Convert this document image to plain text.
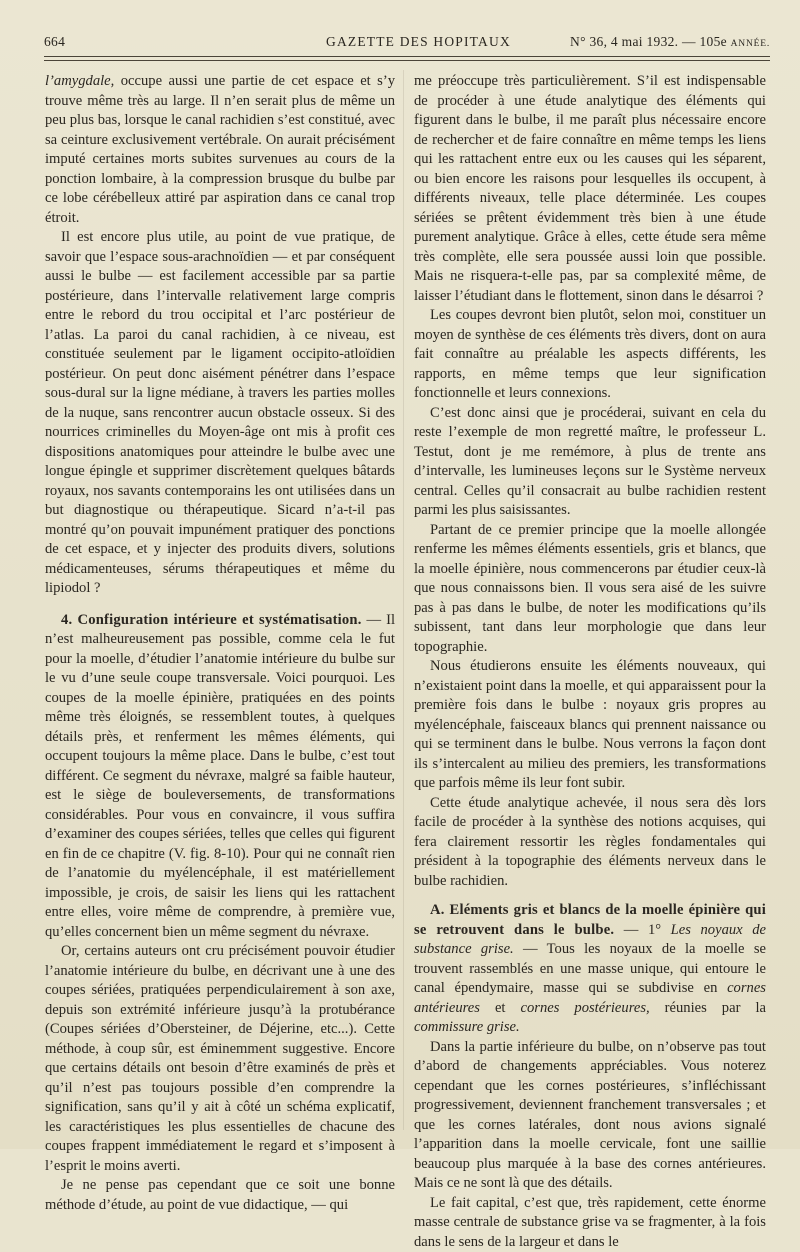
664	GAZETTE DES HOPITAUX	N° 36, 4 mai 1932. — 105e ANNÉE.

l’amygdale, occupe aussi une partie de cet espace et s’y trouve même très au large. Il n’en serait plus de même un peu plus bas, lorsque le canal rachidien s’est constitué, avec sa ceinture exclusivement vertébrale. On aurait précisément imputé certaines morts subites survenues au cours de la ponction lombaire, à la compression brusque du bulbe par ce lobe cérébelleux attiré par aspiration dans ce canal trop étroit.

Il est encore plus utile, au point de vue pratique, de savoir que l’espace sous-arachnoïdien — et par conséquent aussi le bulbe — est facilement accessible par sa partie postérieure, dans l’intervalle relativement large compris entre le rebord du trou occipital et l’arc postérieur de l’atlas. La paroi du canal rachidien, à ce niveau, est constituée seulement par le ligament occipito-atloïdien postérieur. On peut donc aisément pénétrer dans l’espace sous-dural sur la ligne médiane, à travers les parties molles de la nuque, sans rencontrer aucun obstacle osseux. Si des nourrices criminelles du Moyen-âge ont mis à profit ces dispositions anatomiques pour atteindre le bulbe avec une longue épingle et supprimer discrètement quelques bâtards royaux, nos savants contemporains les ont utilisées dans un but diagnostique ou thérapeutique. Sicard n’a-t-il pas montré qu’on pouvait impunément pratiquer des ponctions de cet espace, et y injecter des produits divers, solutions médicamenteuses, sérums thérapeutiques et même du lipiodol ?

4. Configuration intérieure et systématisation. — Il n’est malheureusement pas possible, comme cela le fut pour la moelle, d’étudier l’anatomie intérieure du bulbe sur le vu d’une seule coupe transversale. Voici pourquoi. Les coupes de la moelle épinière, pratiquées en des points même très éloignés, se ressemblent toutes, à quelques détails près, et renferment les mêmes éléments, qui occupent toujours la même place. Dans le bulbe, c’est tout différent. Ce segment du névraxe, malgré sa faible hauteur, est le siège de bouleversements, de transformations considérables. Pour vous en convaincre, il vous suffira d’examiner des coupes sériées, telles que celles qui figurent en fin de ce chapitre (V. fig. 8-10). Pour qui ne connaît rien de l’anatomie du myélencéphale, il est matériellement impossible, je crois, de saisir les liens qui les rattachent entre elles, voire même de comprendre, à première vue, qu’elles concernent bien un même segment du névraxe.

Or, certains auteurs ont cru précisément pouvoir étudier l’anatomie intérieure du bulbe, en décrivant une à une des coupes sériées, pratiquées perpendiculairement à son axe, depuis son extrémité inférieure jusqu’à la protubérance (Coupes sériées d’Obersteiner, de Déjerine, etc...). Cette méthode, à coup sûr, est éminemment suggestive. Encore que certains détails ont besoin d’être examinés de près et qu’il n’est pas toujours possible d’en comprendre la signification, sans qu’il y ait à côté un schéma explicatif, les caractéristiques les plus essentielles de chacune des coupes frappent immédiatement le regard et s’imposent à l’esprit le moins averti.

Je ne pense pas cependant que ce soit une bonne méthode d’étude, au point de vue didactique, — qui

me préoccupe très particulièrement. S’il est indispensable de procéder à une étude analytique des éléments qui figurent dans le bulbe, il me paraît plus nécessaire encore de rechercher et de faire connaître en même temps les liens qui les rattachent entre eux ou les causes qui les séparent, ou bien encore les raisons pour lesquelles ils occupent, à différents niveaux, telle place déterminée. Les coupes sériées se prêtent évidemment très bien à une étude purement analytique. Grâce à elles, cette étude sera même très complète, elle sera poussée aussi loin que possible. Mais ne risquera-t-elle pas, par sa complexité même, de laisser l’étudiant dans le flottement, sinon dans le désarroi ?

Les coupes devront bien plutôt, selon moi, constituer un moyen de synthèse de ces éléments très divers, dont on aura fait connaître au préalable les aspects différents, les rapports, en même temps que leur signification fonctionnelle et leurs connexions.

C’est donc ainsi que je procéderai, suivant en cela du reste l’exemple de mon regretté maître, le professeur L. Testut, dont je me remémore, à plus de trente ans d’intervalle, les lumineuses leçons sur le Système nerveux central. Celles qu’il consacrait au bulbe rachidien restent parmi les plus saisissantes.

Partant de ce premier principe que la moelle allongée renferme les mêmes éléments essentiels, gris et blancs, que la moelle épinière, nous commencerons par étudier ceux-là que nous connaissons bien. Il vous sera aisé de les suivre pas à pas dans le bulbe, de noter les modifications qu’ils subissent, tant dans leur morphologie que dans leur topographie.

Nous étudierons ensuite les éléments nouveaux, qui n’existaient point dans la moelle, et qui apparaissent pour la première fois dans le bulbe : noyaux gris propres au myélencéphale, faisceaux blancs qui prennent naissance ou qui se terminent dans le bulbe. Nous verrons la façon dont ils s’intercalent au milieu des premiers, les transformations que parfois même ils leur font subir.

Cette étude analytique achevée, il nous sera dès lors facile de procéder à la synthèse des notions acquises, qui fera clairement ressortir les règles fondamentales qui président à la topographie des éléments nerveux dans le bulbe rachidien.

A. Eléments gris et blancs de la moelle épinière qui se retrouvent dans le bulbe. — 1° Les noyaux de substance grise. — Tous les noyaux de la moelle se trouvent rassemblés en une masse unique, qui entoure le canal épendymaire, masse qui se subdivise en cornes antérieures et cornes postérieures, réunies par la commissure grise.

Dans la partie inférieure du bulbe, on n’observe pas tout d’abord de changements appréciables. Vous noterez cependant que les cornes postérieures, s’infléchissant progressivement, deviennent franchement transversales ; et que les cornes latérales, dont nous avions signalé l’apparition dans la moelle cervicale, font une saillie beaucoup plus marquée à la base des cornes antérieures. Mais ce ne sont là que des détails.

Le fait capital, c’est que, très rapidement, cette énorme masse centrale de substance grise va se fragmenter, à la fois dans le sens de la largeur et dans le
